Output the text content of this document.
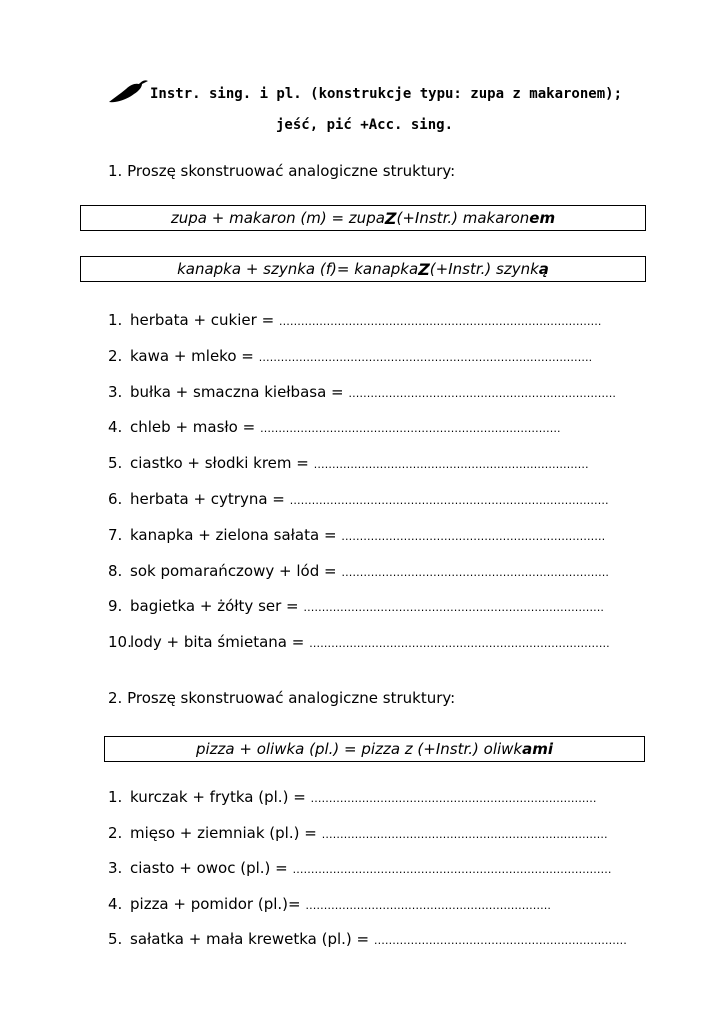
Instr. sing. i pl. (konstrukcje typu: zupa z makaronem);
jeść, pić +Acc. sing.
1. Proszę skonstruować analogiczne struktury:
zupa + makaron (m) = zupa Z (+Instr.) makaron em
kanapka + szynka (f)= kanapka Z (+Instr.) szynk ą
1. herbata + cukier = …………………………………………………………………………….
2. kawa + mleko = ……………………………………………………………………………….
3. bułka + smaczna kiełbasa = ……………………………………………………………….
4. chleb + masło = ……………………………………………………………………….
5. ciastko + słodki krem = …………………………………………………………………
6. herbata + cytryna = ……………………………………………………………………………
7. kanapka + zielona sałata = ………………………………………………………………
8. sok pomarańczowy + lód = ……………………………………………………………….
9. bagietka + żółty ser = ……………………………………………………………………….
10.lody + bita śmietana = ……………………………………………………………………….
2. Proszę skonstruować analogiczne struktury:
pizza + oliwka (pl.) = pizza z (+Instr.) oliwk ami
1. kurczak + frytka (pl.) = ……………………………………………………………………
2. mięso + ziemniak (pl.) = ……………………………………………………………………
3. ciasto + owoc (pl.) = ……………………………………………………………………………
4. pizza + pomidor (pl.)= ………………………………………………………….
5. sałatka + mała krewetka (pl.) = ……………………………………………………………
